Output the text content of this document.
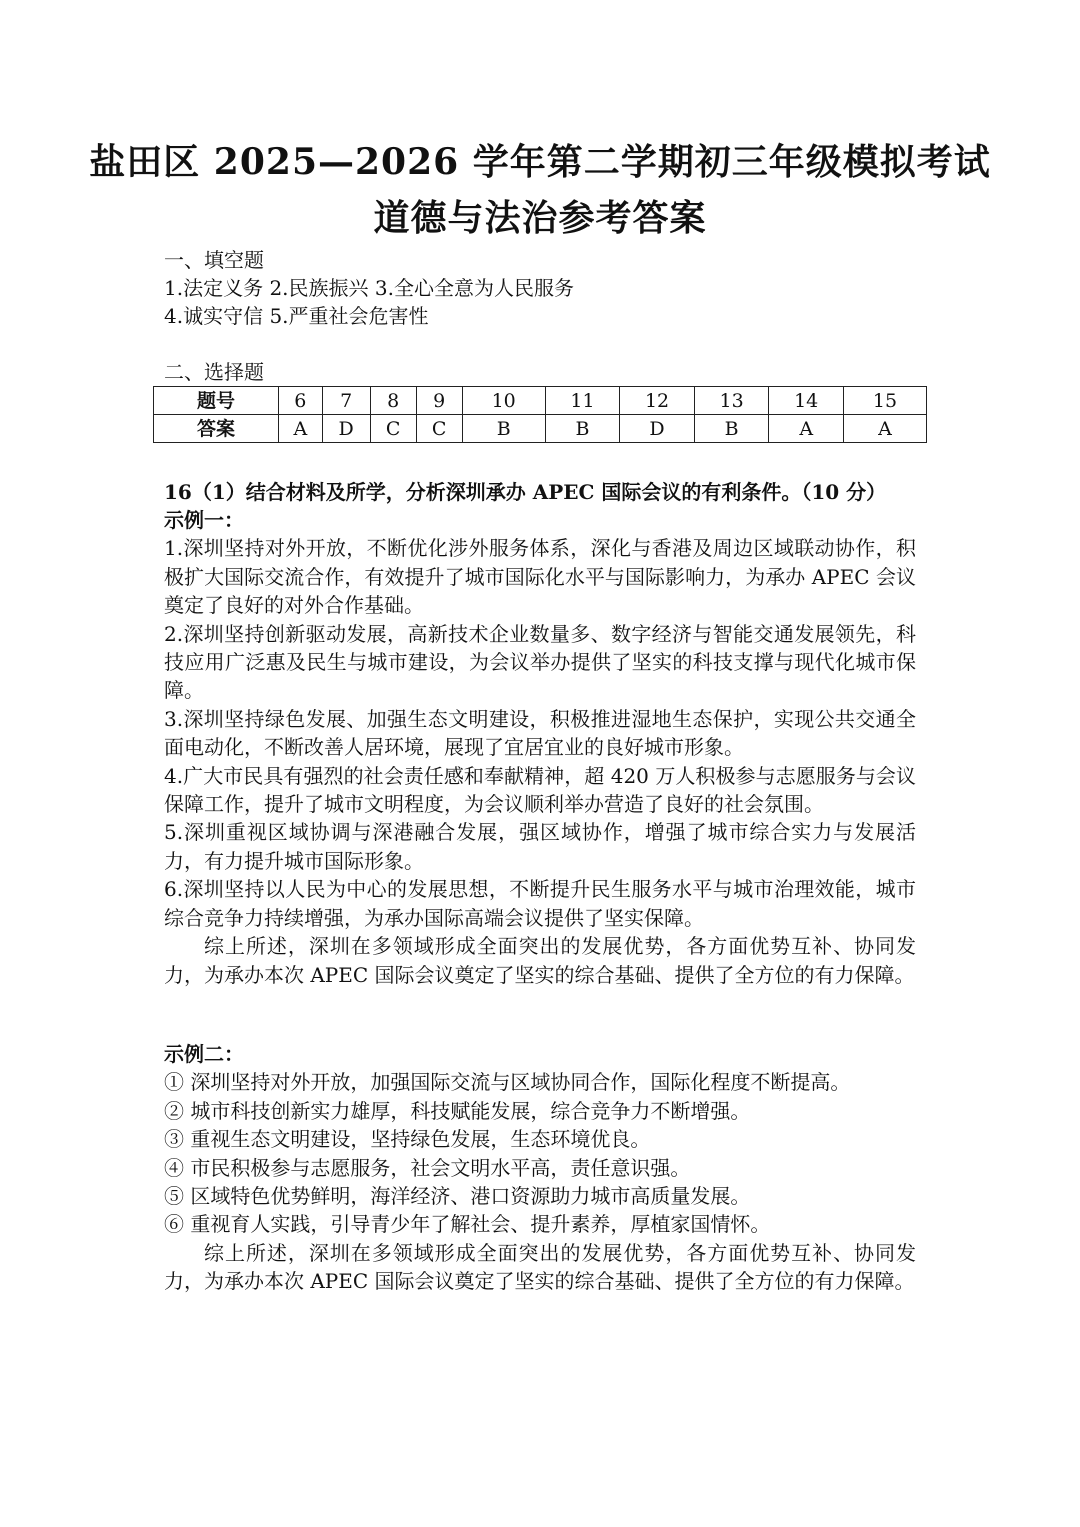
盐田区 2025—2026 学年第二学期初三年级模拟考试
道德与法治参考答案
一、填空题
1.法定义务 2.民族振兴 3.全心全意为人民服务
4.诚实守信 5.严重社会危害性
二、选择题
题号	6	7	8	9	10	11	12	13	14	15
答案	A	D	C	C	B	B	D	B	A	A
16（1）结合材料及所学，分析深圳承办 APEC 国际会议的有利条件。（10 分）

示例一：

1.深圳坚持对外开放，不断优化涉外服务体系，深化与香港及周边区域联动协作，积极扩大国际交流合作，有效提升了城市国际化水平与国际影响力，为承办 APEC 会议奠定了良好的对外合作基础。

2.深圳坚持创新驱动发展，高新技术企业数量多、数字经济与智能交通发展领先，科技应用广泛惠及民生与城市建设，为会议举办提供了坚实的科技支撑与现代化城市保障。

3.深圳坚持绿色发展、加强生态文明建设，积极推进湿地生态保护，实现公共交通全面电动化，不断改善人居环境，展现了宜居宜业的良好城市形象。

4.广大市民具有强烈的社会责任感和奉献精神，超 420 万人积极参与志愿服务与会议保障工作，提升了城市文明程度，为会议顺利举办营造了良好的社会氛围。

5.深圳重视区域协调与深港融合发展，强区域协作，增强了城市综合实力与发展活力，有力提升城市国际形象。

6.深圳坚持以人民为中心的发展思想，不断提升民生服务水平与城市治理效能，城市综合竞争力持续增强，为承办国际高端会议提供了坚实保障。

综上所述，深圳在多领域形成全面突出的发展优势，各方面优势互补、协同发力，为承办本次 APEC 国际会议奠定了坚实的综合基础、提供了全方位的有力保障。

示例二：

① 深圳坚持对外开放，加强国际交流与区域协同合作，国际化程度不断提高。

② 城市科技创新实力雄厚，科技赋能发展，综合竞争力不断增强。

③ 重视生态文明建设，坚持绿色发展，生态环境优良。

④ 市民积极参与志愿服务，社会文明水平高，责任意识强。

⑤ 区域特色优势鲜明，海洋经济、港口资源助力城市高质量发展。

⑥ 重视育人实践，引导青少年了解社会、提升素养，厚植家国情怀。

综上所述，深圳在多领域形成全面突出的发展优势，各方面优势互补、协同发力，为承办本次 APEC 国际会议奠定了坚实的综合基础、提供了全方位的有力保障。
